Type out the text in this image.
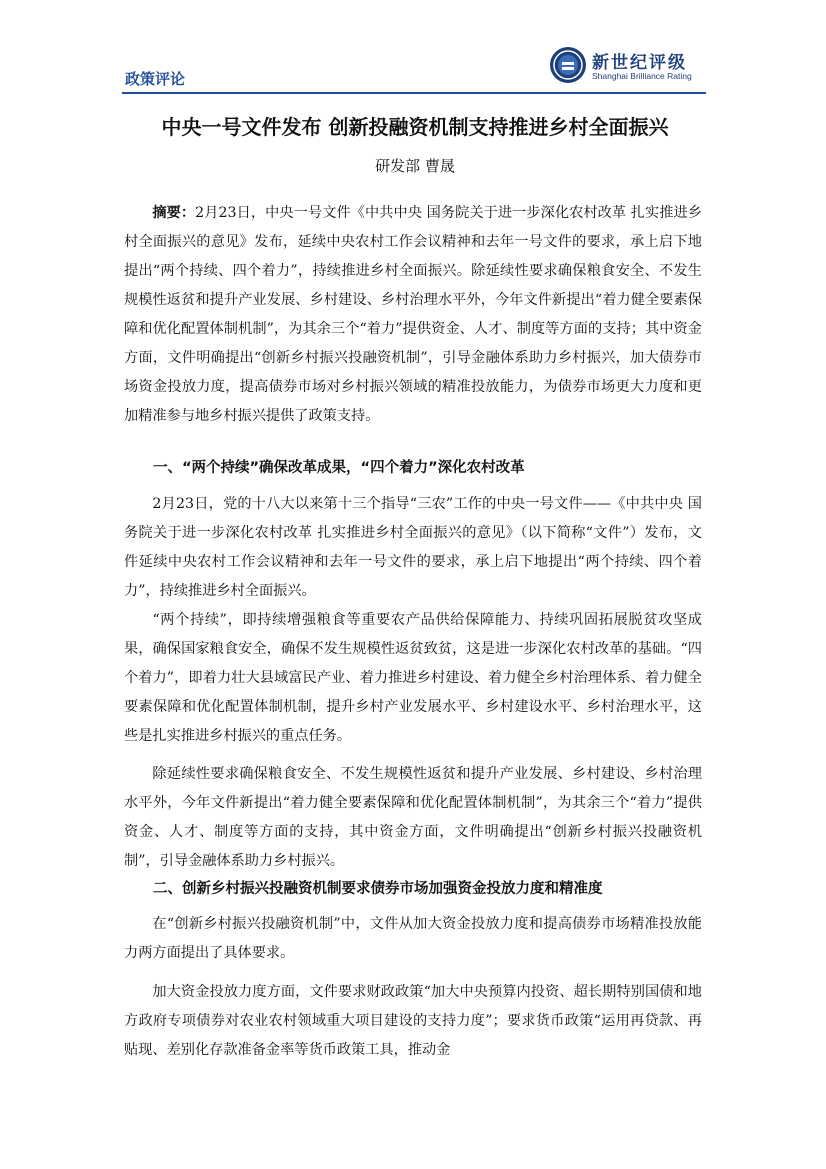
政策评论
新世纪评级
Shanghai Brilliance Rating
中央一号文件发布 创新投融资机制支持推进乡村全面振兴
研发部 曹晟
摘要：2月23日，中央一号文件《中共中央 国务院关于进一步深化农村改革 扎实推进乡村全面振兴的意见》发布，延续中央农村工作会议精神和去年一号文件的要求，承上启下地提出“两个持续、四个着力”，持续推进乡村全面振兴。除延续性要求确保粮食安全、不发生规模性返贫和提升产业发展、乡村建设、乡村治理水平外，今年文件新提出“着力健全要素保障和优化配置体制机制”，为其余三个“着力”提供资金、人才、制度等方面的支持；其中资金方面，文件明确提出“创新乡村振兴投融资机制”，引导金融体系助力乡村振兴，加大债券市场资金投放力度，提高债券市场对乡村振兴领域的精准投放能力，为债券市场更大力度和更加精准参与地乡村振兴提供了政策支持。
一、“两个持续”确保改革成果，“四个着力”深化农村改革
2月23日，党的十八大以来第十三个指导“三农”工作的中央一号文件——《中共中央 国务院关于进一步深化农村改革 扎实推进乡村全面振兴的意见》（以下简称“文件”）发布，文件延续中央农村工作会议精神和去年一号文件的要求，承上启下地提出“两个持续、四个着力”，持续推进乡村全面振兴。
“两个持续”，即持续增强粮食等重要农产品供给保障能力、持续巩固拓展脱贫攻坚成果，确保国家粮食安全，确保不发生规模性返贫致贫，这是进一步深化农村改革的基础。“四个着力”，即着力壮大县域富民产业、着力推进乡村建设、着力健全乡村治理体系、着力健全要素保障和优化配置体制机制，提升乡村产业发展水平、乡村建设水平、乡村治理水平，这些是扎实推进乡村振兴的重点任务。
除延续性要求确保粮食安全、不发生规模性返贫和提升产业发展、乡村建设、乡村治理水平外，今年文件新提出“着力健全要素保障和优化配置体制机制”，为其余三个“着力”提供资金、人才、制度等方面的支持，其中资金方面，文件明确提出“创新乡村振兴投融资机制”，引导金融体系助力乡村振兴。
二、创新乡村振兴投融资机制要求债券市场加强资金投放力度和精准度
在“创新乡村振兴投融资机制”中，文件从加大资金投放力度和提高债券市场精准投放能力两方面提出了具体要求。
加大资金投放力度方面，文件要求财政政策“加大中央预算内投资、超长期特别国债和地方政府专项债券对农业农村领域重大项目建设的支持力度”；要求货币政策“运用再贷款、再贴现、差别化存款准备金率等货币政策工具，推动金
